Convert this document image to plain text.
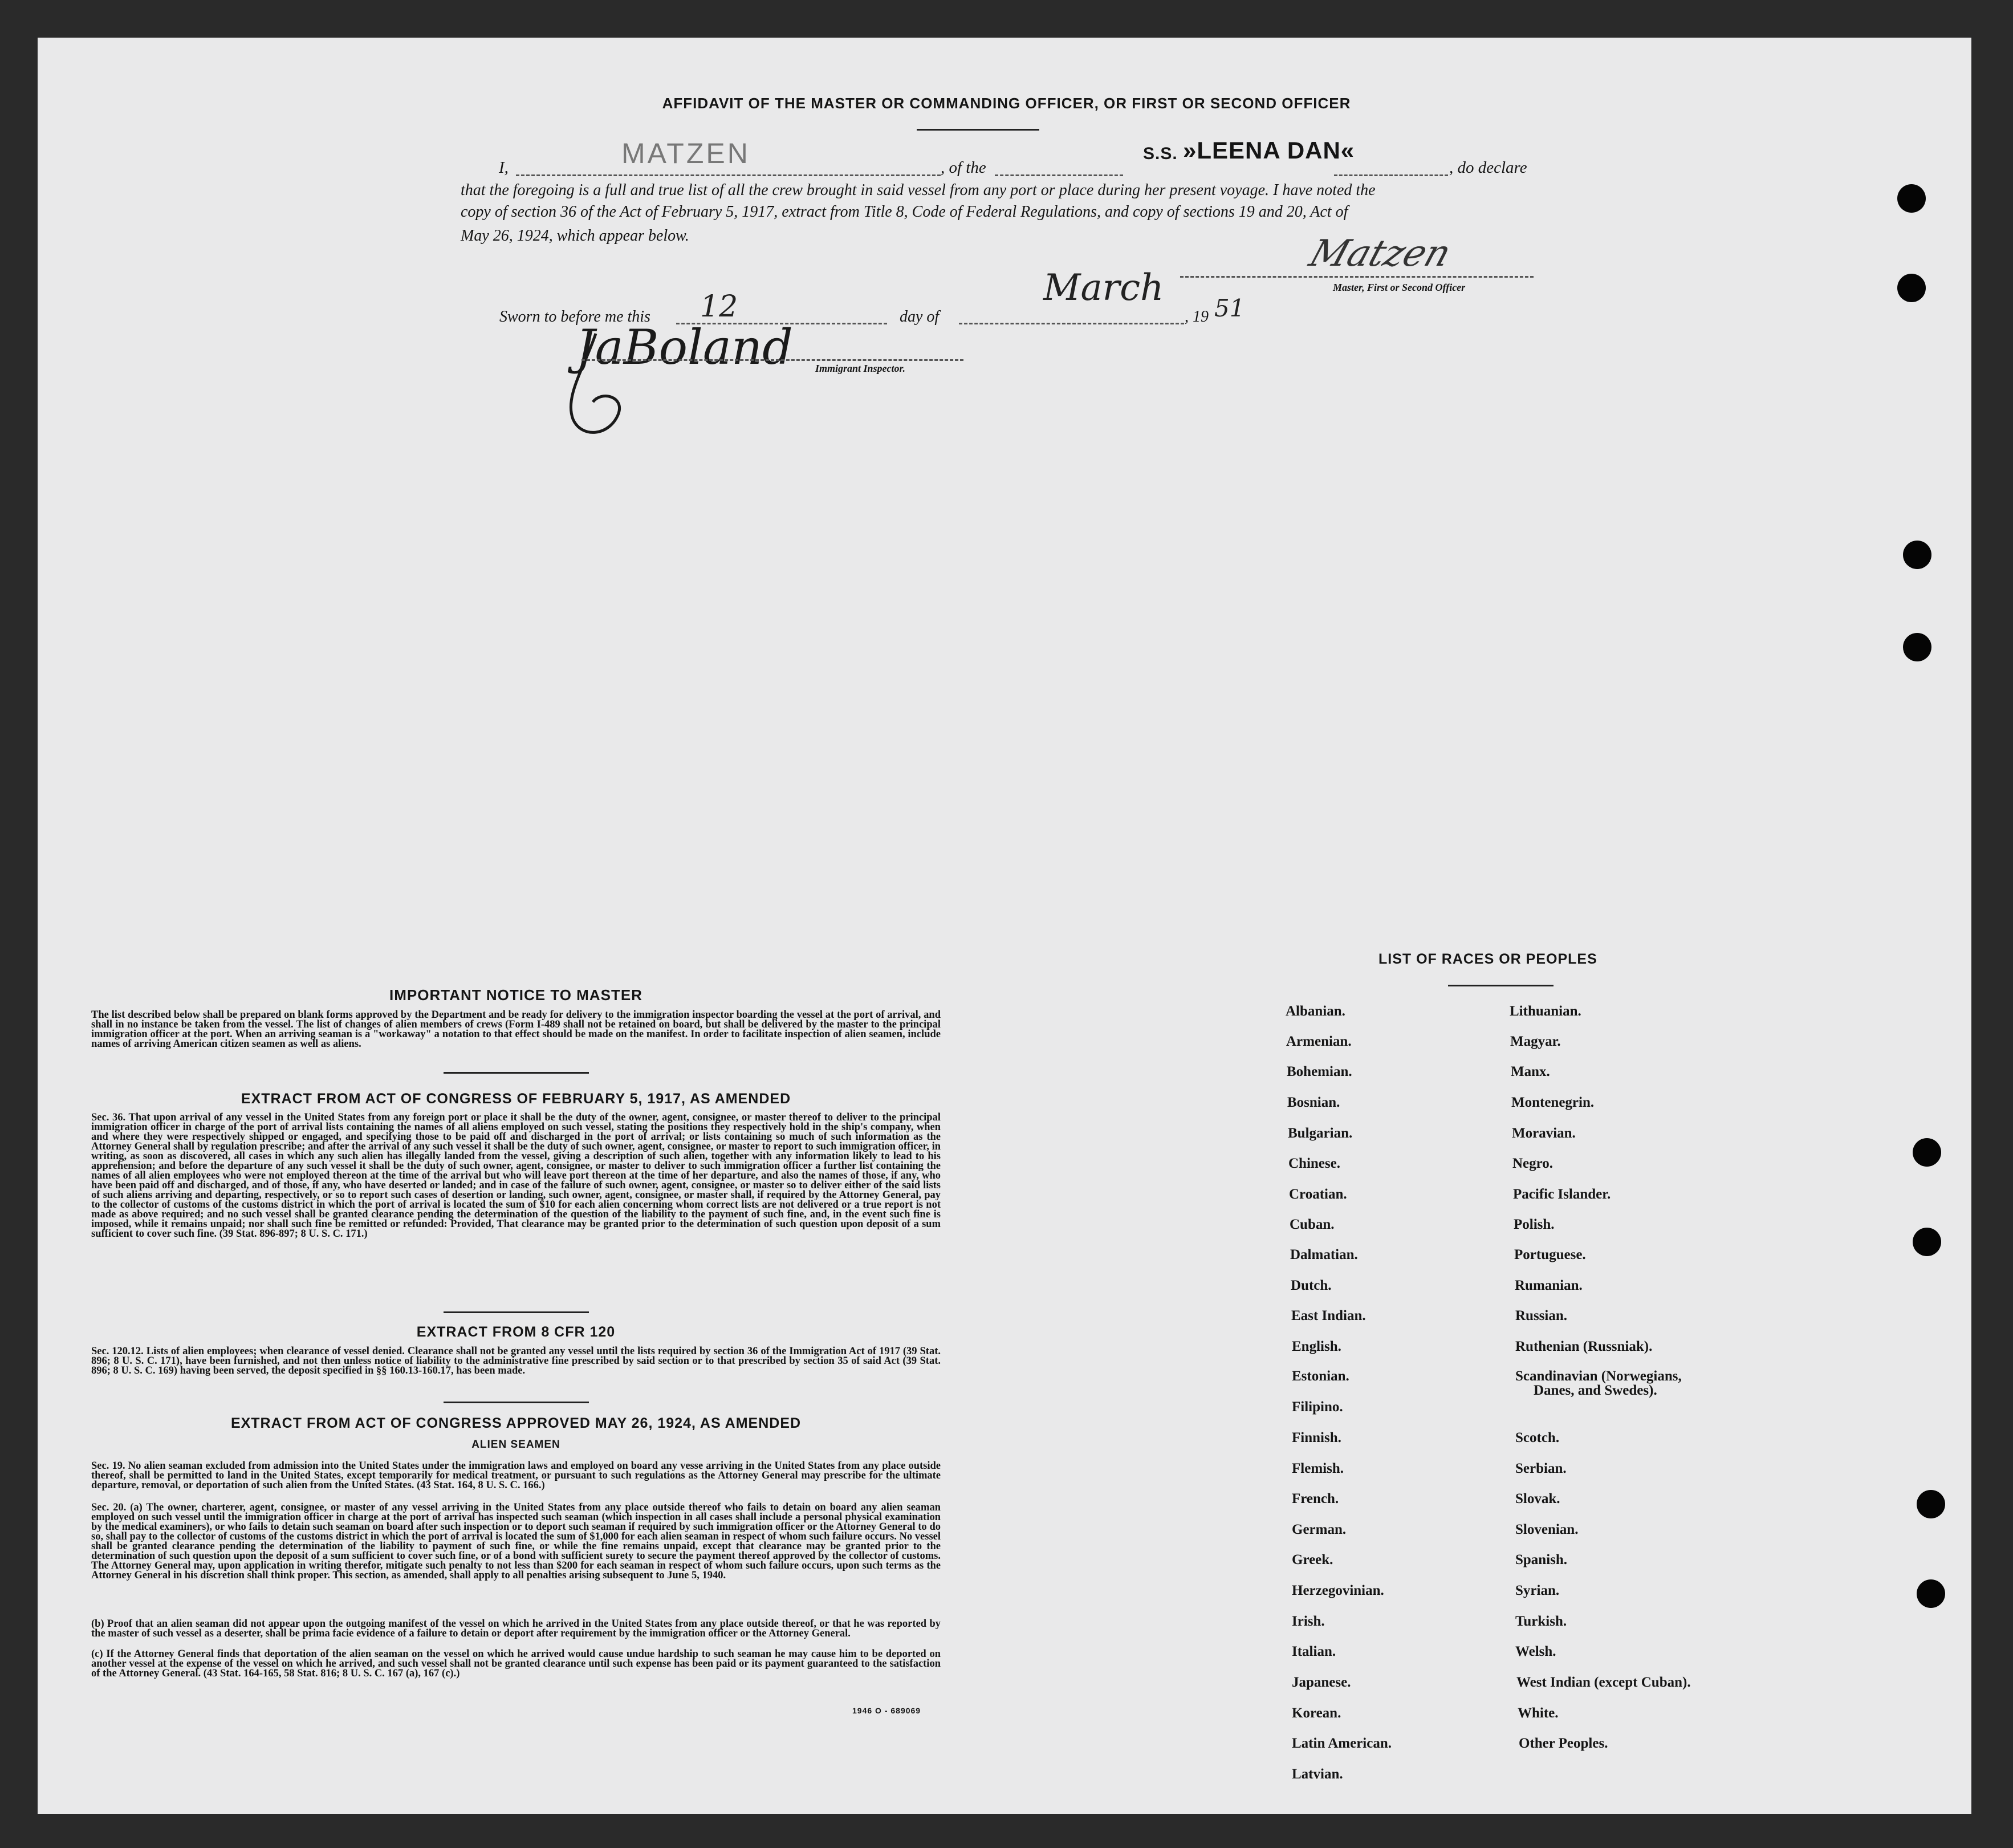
AFFIDAVIT OF THE MASTER OR COMMANDING OFFICER, OR FIRST OR SECOND OFFICER
I,	MATZEN	, of the
S.S. »LEENA DAN«
, do declare
that the foregoing is a full and true list of all the crew brought in said vessel from any port or place during her present voyage. I have noted the
copy of section 36 of the Act of February 5, 1917, extract from Title 8, Code of Federal Regulations, and copy of sections 19 and 20, Act of
May 26, 1924, which appear below.	Matzen
Master, First or Second Officer
Sworn to before me this 12	day of
March
, 19 51
JaBoland Immigrant Inspector.
IMPORTANT NOTICE TO MASTER
The list described below shall be prepared on blank forms approved by the Department and be ready for delivery to the immigration inspector boarding the vessel at the port of arrival, and shall in no instance be taken from the vessel. The list of changes of alien members of crews (Form I-489 shall not be retained on board, but shall be delivered by the master to the principal immigration officer at the port. When an arriving seaman is a "workaway" a notation to that effect should be made on the manifest. In order to facilitate inspection of alien seamen, include names of arriving American citizen seamen as well as aliens.
EXTRACT FROM ACT OF CONGRESS OF FEBRUARY 5, 1917, AS AMENDED
Sec. 36. That upon arrival of any vessel in the United States from any foreign port or place it shall be the duty of the owner, agent, consignee, or master thereof to deliver to the principal immigration officer in charge of the port of arrival lists containing the names of all aliens employed on such vessel, stating the positions they respectively hold in the ship's company, when and where they were respectively shipped or engaged, and specifying those to be paid off and discharged in the port of arrival; or lists containing so much of such information as the Attorney General shall by regulation prescribe; and after the arrival of any such vessel it shall be the duty of such owner, agent, consignee, or master to report to such immigration officer, in writing, as soon as discovered, all cases in which any such alien has illegally landed from the vessel, giving a description of such alien, together with any information likely to lead to his apprehension; and before the departure of any such vessel it shall be the duty of such owner, agent, consignee, or master to deliver to such immigration officer a further list containing the names of all alien employees who were not employed thereon at the time of the arrival but who will leave port thereon at the time of her departure, and also the names of those, if any, who have been paid off and discharged, and of those, if any, who have deserted or landed; and in case of the failure of such owner, agent, consignee, or master so to deliver either of the said lists of such aliens arriving and departing, respectively, or so to report such cases of desertion or landing, such owner, agent, consignee, or master shall, if required by the Attorney General, pay to the collector of customs of the customs district in which the port of arrival is located the sum of $10 for each alien concerning whom correct lists are not delivered or a true report is not made as above required; and no such vessel shall be granted clearance pending the determination of the question of the liability to the payment of such fine, and, in the event such fine is imposed, while it remains unpaid; nor shall such fine be remitted or refunded: Provided, That clearance may be granted prior to the determination of such question upon deposit of a sum sufficient to cover such fine. (39 Stat. 896-897; 8 U. S. C. 171.)
EXTRACT FROM 8 CFR 120
Sec. 120.12. Lists of alien employees; when clearance of vessel denied. Clearance shall not be granted any vessel until the lists required by section 36 of the Immigration Act of 1917 (39 Stat. 896; 8 U. S. C. 171), have been furnished, and not then unless notice of liability to the administrative fine prescribed by said section or to that prescribed by section 35 of said Act (39 Stat. 896; 8 U. S. C. 169) having been served, the deposit specified in §§ 160.13-160.17, has been made.
EXTRACT FROM ACT OF CONGRESS APPROVED MAY 26, 1924, AS AMENDED
ALIEN SEAMEN
Sec. 19. No alien seaman excluded from admission into the United States under the immigration laws and employed on board any vesse arriving in the United States from any place outside thereof, shall be permitted to land in the United States, except temporarily for medical treatment, or pursuant to such regulations as the Attorney General may prescribe for the ultimate departure, removal, or deportation of such alien from the United States. (43 Stat. 164, 8 U. S. C. 166.)
Sec. 20. (a) The owner, charterer, agent, consignee, or master of any vessel arriving in the United States from any place outside thereof who fails to detain on board any alien seaman employed on such vessel until the immigration officer in charge at the port of arrival has inspected such seaman (which inspection in all cases shall include a personal physical examination by the medical examiners), or who fails to detain such seaman on board after such inspection or to deport such seaman if required by such immigration officer or the Attorney General to do so, shall pay to the collector of customs of the customs district in which the port of arrival is located the sum of $1,000 for each alien seaman in respect of whom such failure occurs. No vessel shall be granted clearance pending the determination of the liability to payment of such fine, or while the fine remains unpaid, except that clearance may be granted prior to the determination of such question upon the deposit of a sum sufficient to cover such fine, or of a bond with sufficient surety to secure the payment thereof approved by the collector of customs. The Attorney General may, upon application in writing therefor, mitigate such penalty to not less than $200 for each seaman in respect of whom such failure occurs, upon such terms as the Attorney General in his discretion shall think proper. This section, as amended, shall apply to all penalties arising subsequent to June 5, 1940.
(b) Proof that an alien seaman did not appear upon the outgoing manifest of the vessel on which he arrived in the United States from any place outside thereof, or that he was reported by the master of such vessel as a deserter, shall be prima facie evidence of a failure to detain or deport after requirement by the immigration officer or the Attorney General.
(c) If the Attorney General finds that deportation of the alien seaman on the vessel on which he arrived would cause undue hardship to such seaman he may cause him to be deported on another vessel at the expense of the vessel on which he arrived, and such vessel shall not be granted clearance until such expense has been paid or its payment guaranteed to the satisfaction of the Attorney General. (43 Stat. 164-165, 58 Stat. 816; 8 U. S. C. 167 (a), 167 (c).)
1946 O - 689069
LIST OF RACES OR PEOPLES
Albanian.
Armenian.
Bohemian.
Bosnian.
Bulgarian.
Chinese.
Croatian.
Cuban.
Dalmatian.
Dutch.
East Indian.
English.
Estonian.
Filipino.
Finnish.
Flemish.
French.
German.
Greek.
Herzegovinian.
Irish.
Italian.
Japanese.
Korean.
Latin American.
Latvian.
Lithuanian.
Magyar.
Manx.
Montenegrin.
Moravian.
Negro.
Pacific Islander.
Polish.
Portuguese.
Rumanian.
Russian.
Ruthenian (Russniak).
Scandinavian (Norwegians,
Danes, and Swedes).
Scotch.
Serbian.
Slovak.
Slovenian.
Spanish.
Syrian.
Turkish.
Welsh.
West Indian (except Cuban).
White.
Other Peoples.
